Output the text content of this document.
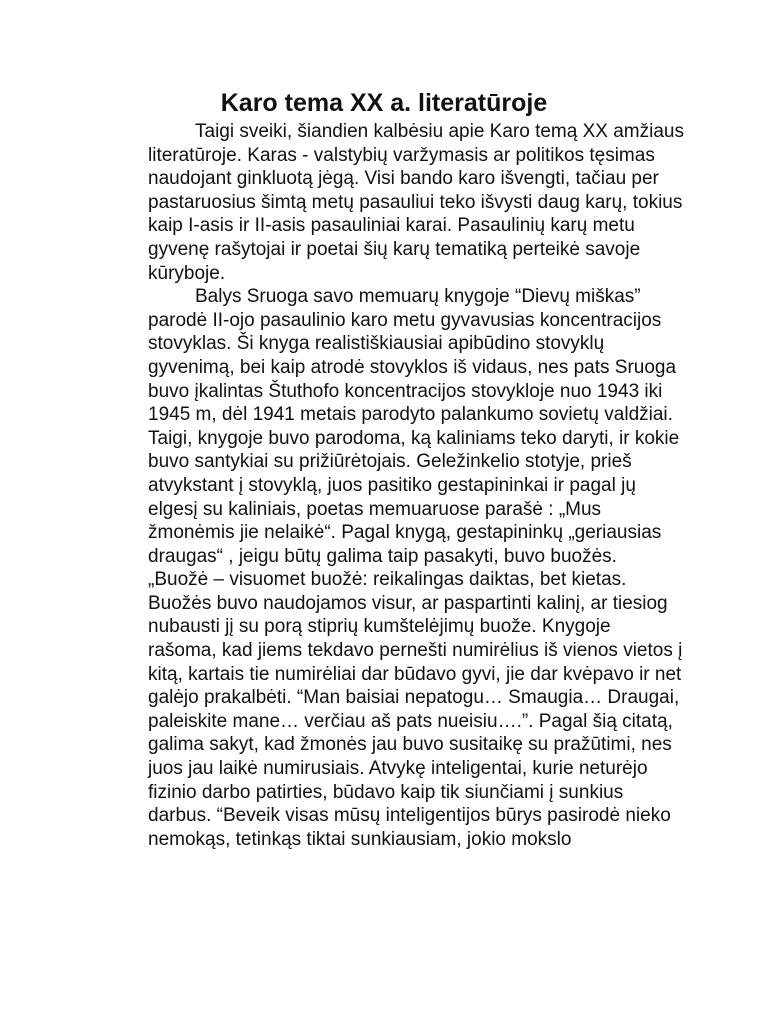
Karo tema XX a. literatūroje
Taigi sveiki, šiandien kalbėsiu apie Karo temą XX amžiaus
literatūroje. Karas - valstybių varžymasis ar politikos tęsimas
naudojant ginkluotą jėgą. Visi bando karo išvengti, tačiau per
pastaruosius šimtą metų pasauliui teko išvysti daug karų, tokius
kaip I-asis ir II-asis pasauliniai karai. Pasaulinių karų metu
gyvenę rašytojai ir poetai šių karų tematiką perteikė savoje
kūryboje.
Balys Sruoga savo memuarų knygoje “Dievų miškas”
parodė II-ojo pasaulinio karo metu gyvavusias koncentracijos
stovyklas. Ši knyga realistiškiausiai apibūdino stovyklų
gyvenimą, bei kaip atrodė stovyklos iš vidaus, nes pats Sruoga
buvo įkalintas Štuthofo koncentracijos stovykloje nuo 1943 iki
1945 m, dėl 1941 metais parodyto palankumo sovietų valdžiai.
Taigi, knygoje buvo parodoma, ką kaliniams teko daryti, ir kokie
buvo santykiai su prižiūrėtojais. Geležinkelio stotyje, prieš
atvykstant į stovyklą, juos pasitiko gestapininkai ir pagal jų
elgesį su kaliniais, poetas memuaruose parašė : „Mus
žmonėmis jie nelaikė“. Pagal knygą, gestapininkų „geriausias
draugas“ , jeigu būtų galima taip pasakyti, buvo buožės.
„Buožė – visuomet buožė: reikalingas daiktas, bet kietas.
Buožės buvo naudojamos visur, ar paspartinti kalinį, ar tiesiog
nubausti jį su porą stiprių kumštelėjimų buože. Knygoje
rašoma, kad jiems tekdavo pernešti numirėlius iš vienos vietos į
kitą, kartais tie numirėliai dar būdavo gyvi, jie dar kvėpavo ir net
galėjo prakalbėti. “Man baisiai nepatogu… Smaugia… Draugai,
paleiskite mane… verčiau aš pats nueisiu….”. Pagal šią citatą,
galima sakyt, kad žmonės jau buvo susitaikę su pražūtimi, nes
juos jau laikė numirusiais. Atvykę inteligentai, kurie neturėjo
fizinio darbo patirties, būdavo kaip tik siunčiami į sunkius
darbus. “Beveik visas mūsų inteligentijos būrys pasirodė nieko
nemokąs, tetinkąs tiktai sunkiausiam, jokio mokslo
